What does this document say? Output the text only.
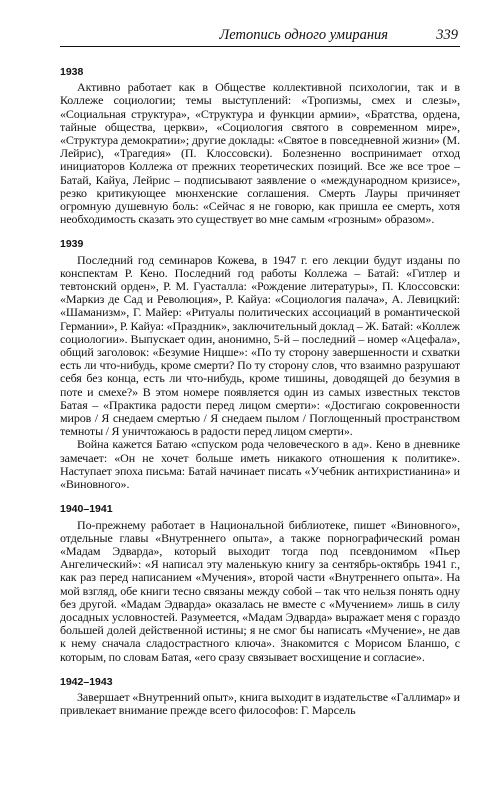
Летопись одного умирания	339
1938

Активно работает как в Обществе коллективной психологии, так и в Коллеже социологии; темы выступлений: «Тропизмы, смех и слезы», «Социальная структура», «Структура и функции армии», «Братства, ордена, тайные общества, церкви», «Социология святого в современном мире», «Структура демократии»; другие доклады: «Святое в повседневной жизни» (М. Лейрис), «Трагедия» (П. Клоссовски). Болезненно воспринимает отход инициаторов Коллежа от прежних теоретических позиций. Все же все трое – Батай, Кайуа, Лейрис – подписывают заявление о «международном кризисе», резко критикующее мюнхенские соглашения. Смерть Лауры причиняет огромную душевную боль: «Сейчас я не говорю, как пришла ее смерть, хотя необходимость сказать это существует во мне самым «грозным» образом».

1939

Последний год семинаров Кожева, в 1947 г. его лекции будут изданы по конспектам Р. Кено. Последний год работы Коллежа – Батай: «Гитлер и тевтонский орден», Р. М. Гуасталла: «Рождение литературы», П. Клоссовски: «Маркиз де Сад и Революция», Р. Кайуа: «Социология палача», А. Левицкий: «Шаманизм», Г. Майер: «Ритуалы политических ассоциаций в романтической Германии», Р. Кайуа: «Праздник», заключительный доклад – Ж. Батай: «Коллеж социологии». Выпускает один, анонимно, 5-й – последний – номер «Ацефала», общий заголовок: «Безумие Ницше»: «По ту сторону завершенности и схватки есть ли что-нибудь, кроме смерти? По ту сторону слов, что взаимно разрушают себя без конца, есть ли что-нибудь, кроме тишины, доводящей до безумия в поте и смехе?» В этом номере появляется один из самых известных текстов Батая – «Практика радости перед лицом смерти»: «Достигаю сокровенности миров / Я снедаем смертью / Я снедаем пылом / Поглощенный пространством темноты / Я уничтожаюсь в радости перед лицом смерти».

Война кажется Батаю «спуском рода человеческого в ад». Кено в дневнике замечает: «Он не хочет больше иметь никакого отношения к политике». Наступает эпоха письма: Батай начинает писать «Учебник антихристианина» и «Виновного».

1940–1941

По-прежнему работает в Национальной библиотеке, пишет «Виновного», отдельные главы «Внутреннего опыта», а также порнографический роман «Мадам Эдварда», который выходит тогда под псевдонимом «Пьер Ангелический»: «Я написал эту маленькую книгу за сентябрь-октябрь 1941 г., как раз перед написанием «Мучения», второй части «Внутреннего опыта». На мой взгляд, обе книги тесно связаны между собой – так что нельзя понять одну без другой. «Мадам Эдварда» оказалась не вместе с «Мучением» лишь в силу досадных условностей. Разумеется, «Мадам Эдварда» выражает меня с гораздо большей долей действенной истины; я не смог бы написать «Мучение», не дав к нему сначала сладострастного ключа». Знакомится с Морисом Бланшо, с которым, по словам Батая, «его сразу связывает восхищение и согласие».

1942–1943

Завершает «Внутренний опыт», книга выходит в издательстве «Галлимар» и привлекает внимание прежде всего философов: Г. Марсель
